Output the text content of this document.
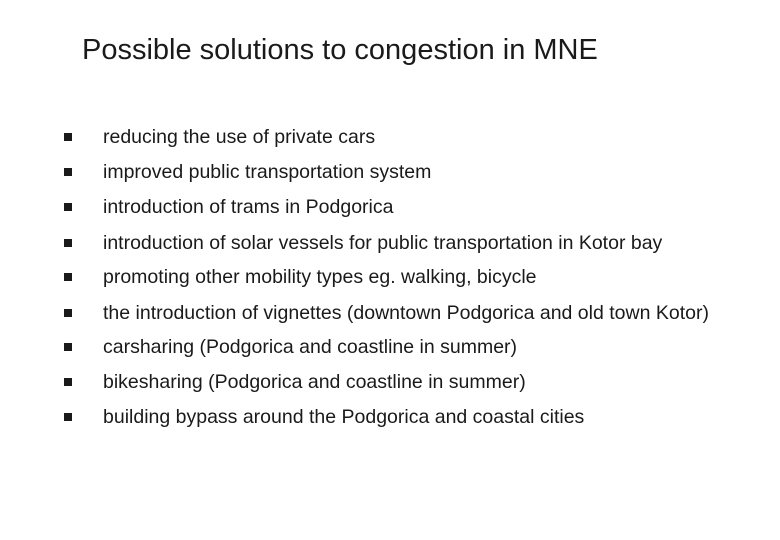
Possible solutions to congestion in MNE
reducing the use of private cars
improved public transportation system
introduction of trams in Podgorica
introduction of solar vessels for public transportation in Kotor bay
promoting other mobility types eg. walking, bicycle
the introduction of vignettes (downtown Podgorica and old town Kotor)
carsharing (Podgorica and coastline in summer)
bikesharing (Podgorica and coastline in summer)
building bypass around the Podgorica and coastal cities
